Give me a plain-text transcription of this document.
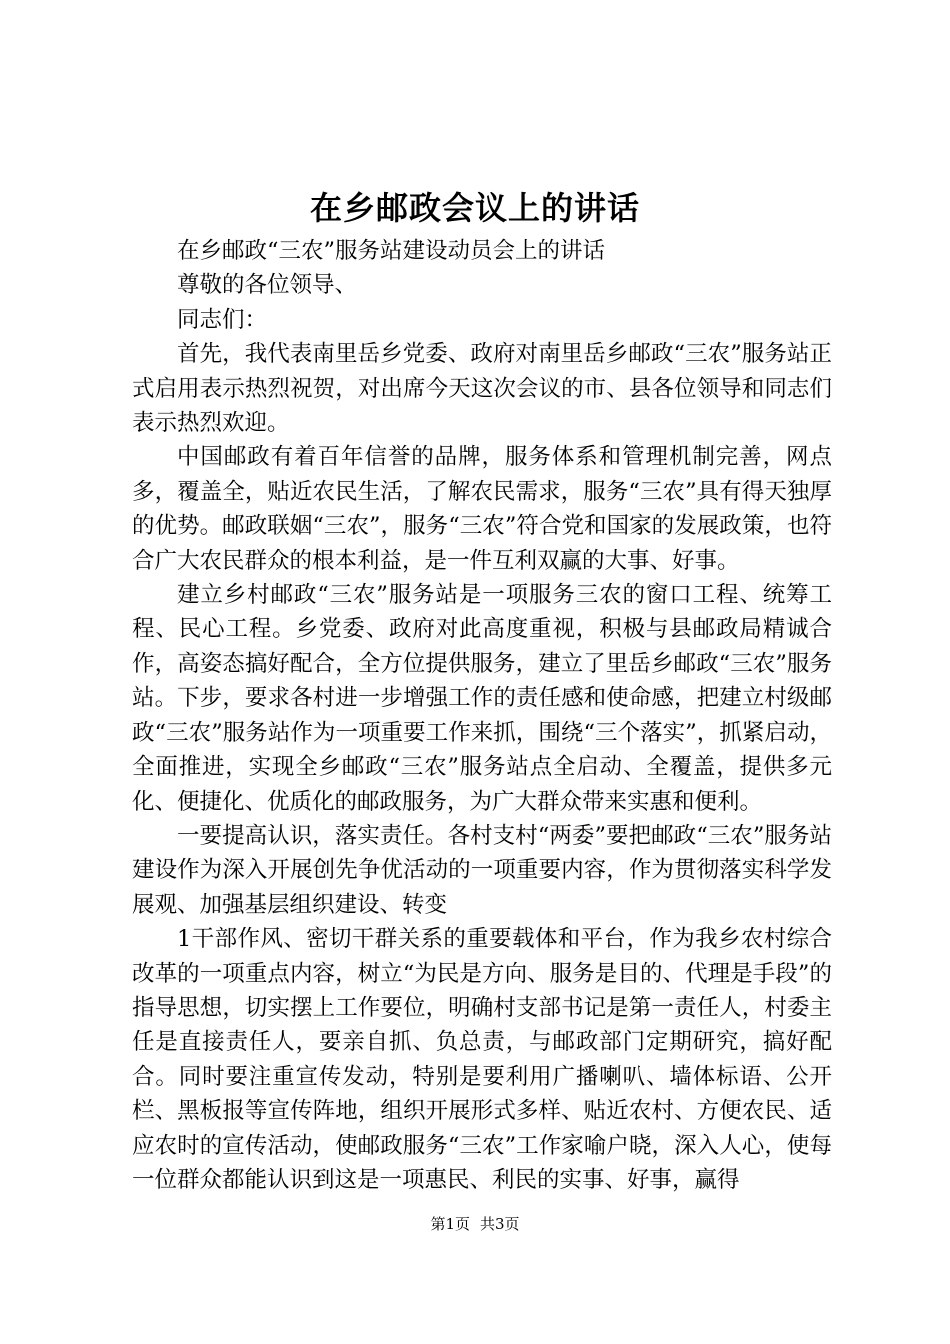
在乡邮政会议上的讲话

在乡邮政“三农”服务站建设动员会上的讲话

尊敬的各位领导、

同志们：

首先，我代表南里岳乡党委、政府对南里岳乡邮政“三农”服务站正式启用表示热烈祝贺，对出席今天这次会议的市、县各位领导和同志们表示热烈欢迎。

中国邮政有着百年信誉的品牌，服务体系和管理机制完善，网点多，覆盖全，贴近农民生活，了解农民需求，服务“三农”具有得天独厚的优势。邮政联姻“三农”，服务“三农”符合党和国家的发展政策，也符合广大农民群众的根本利益，是一件互利双赢的大事、好事。

建立乡村邮政“三农”服务站是一项服务三农的窗口工程、统筹工程、民心工程。乡党委、政府对此高度重视，积极与县邮政局精诚合作，高姿态搞好配合，全方位提供服务，建立了里岳乡邮政“三农”服务站。下步，要求各村进一步增强工作的责任感和使命感，把建立村级邮政“三农”服务站作为一项重要工作来抓，围绕“三个落实”，抓紧启动，全面推进，实现全乡邮政“三农”服务站点全启动、全覆盖，提供多元化、便捷化、优质化的邮政服务，为广大群众带来实惠和便利。

一要提高认识，落实责任。各村支村“两委”要把邮政“三农”服务站建设作为深入开展创先争优活动的一项重要内容，作为贯彻落实科学发展观、加强基层组织建设、转变

1干部作风、密切干群关系的重要载体和平台，作为我乡农村综合改革的一项重点内容，树立“为民是方向、服务是目的、代理是手段”的指导思想，切实摆上工作要位，明确村支部书记是第一责任人，村委主任是直接责任人，要亲自抓、负总责，与邮政部门定期研究，搞好配合。同时要注重宣传发动，特别是要利用广播喇叭、墙体标语、公开栏、黑板报等宣传阵地，组织开展形式多样、贴近农村、方便农民、适应农时的宣传活动，使邮政服务“三农”工作家喻户晓，深入人心，使每一位群众都能认识到这是一项惠民、利民的实事、好事，赢得

第1页 共3页
